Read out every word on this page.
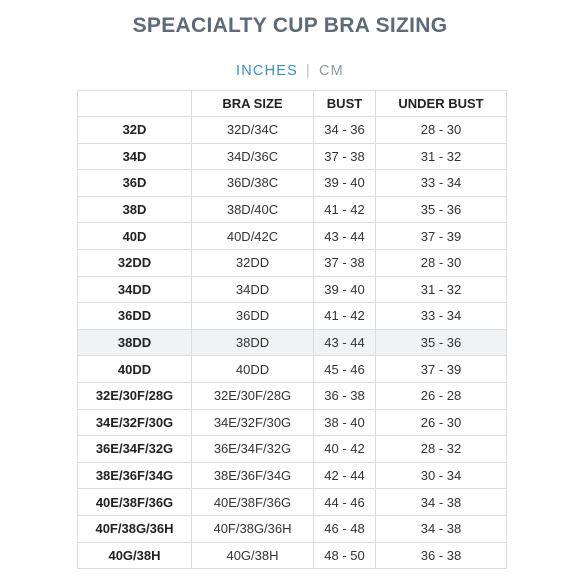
SPEACIALTY CUP BRA SIZING
INCHES | CM
	BRA SIZE	BUST	UNDER BUST
32D	32D/34C	34 - 36	28 - 30
34D	34D/36C	37 - 38	31 - 32
36D	36D/38C	39 - 40	33 - 34
38D	38D/40C	41 - 42	35 - 36
40D	40D/42C	43 - 44	37 - 39
32DD	32DD	37 - 38	28 - 30
34DD	34DD	39 - 40	31 - 32
36DD	36DD	41 - 42	33 - 34
38DD	38DD	43 - 44	35 - 36
40DD	40DD	45 - 46	37 - 39
32E/30F/28G	32E/30F/28G	36 - 38	26 - 28
34E/32F/30G	34E/32F/30G	38 - 40	26 - 30
36E/34F/32G	36E/34F/32G	40 - 42	28 - 32
38E/36F/34G	38E/36F/34G	42 - 44	30 - 34
40E/38F/36G	40E/38F/36G	44 - 46	34 - 38
40F/38G/36H	40F/38G/36H	46 - 48	34 - 38
40G/38H	40G/38H	48 - 50	36 - 38
